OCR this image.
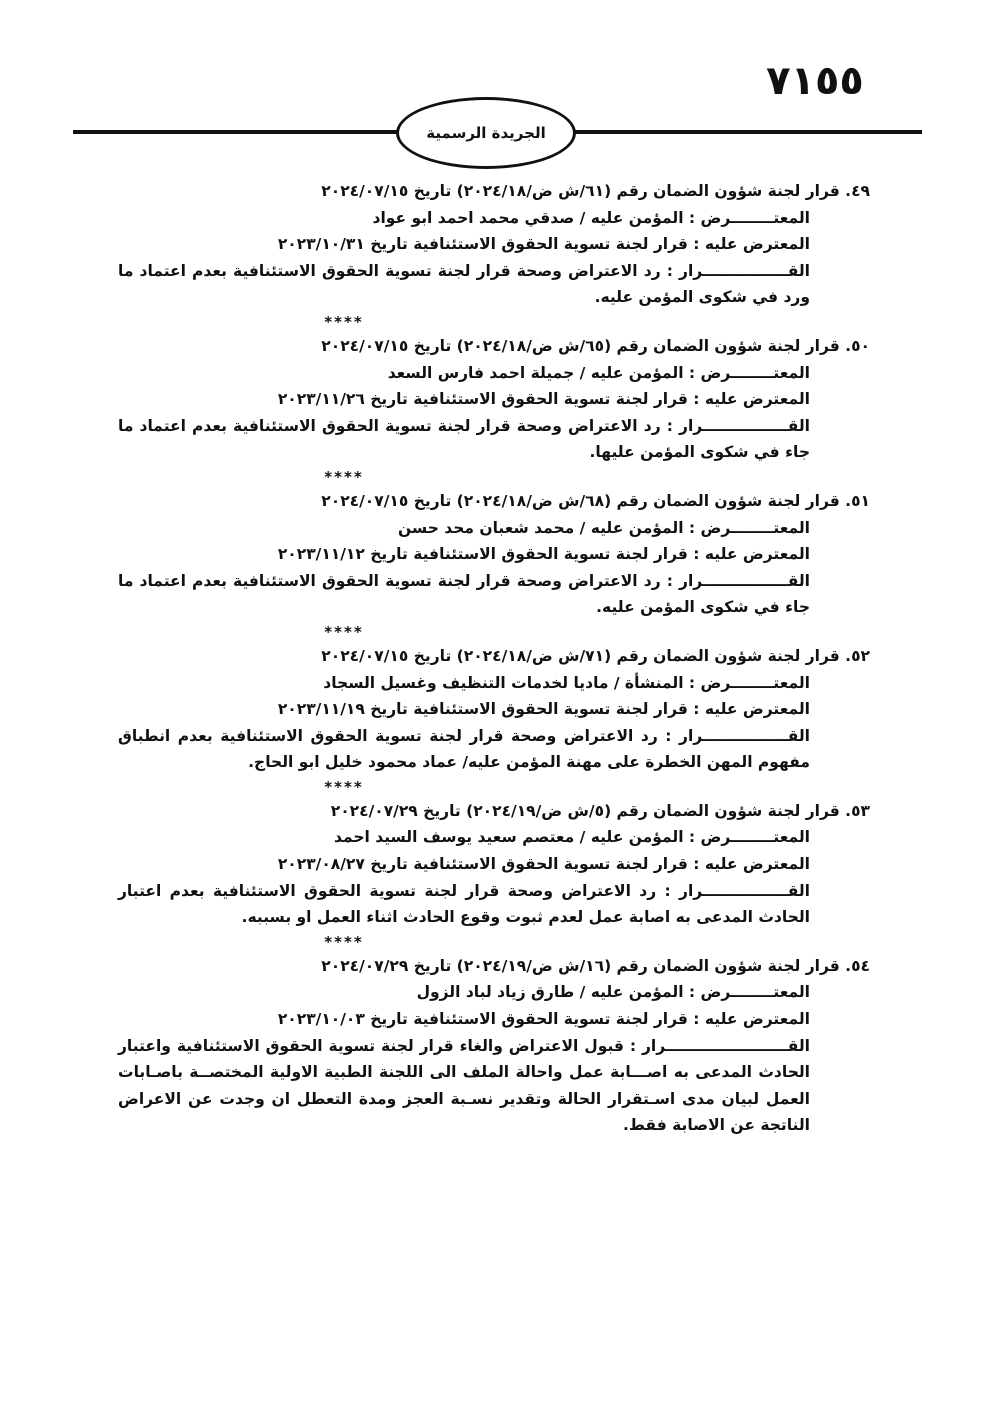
٧١٥٥
الجريدة الرسمية
٤٩. قرار لجنة شؤون الضمان رقم (٦١/ش ض/٢٠٢٤/١٨) تاريخ ٢٠٢٤/٠٧/١٥
المعتــــــــرض : المؤمن عليه / صدقي محمد احمد ابو عواد
المعترض عليه : قرار لجنة تسوية الحقوق الاستئنافية تاريخ ٢٠٢٣/١٠/٣١
القــــــــــــــــرار : رد الاعتراض وصحة قرار لجنة تسوية الحقوق الاستئنافية بعدم اعتماد ما ورد في شكوى المؤمن عليه.
****
٥٠. قرار لجنة شؤون الضمان رقم (٦٥/ش ض/٢٠٢٤/١٨) تاريخ ٢٠٢٤/٠٧/١٥
المعتــــــــرض : المؤمن عليه / جميلة احمد فارس السعد
المعترض عليه : قرار لجنة تسوية الحقوق الاستئنافية تاريخ ٢٠٢٣/١١/٢٦
القــــــــــــــــرار : رد الاعتراض وصحة قرار لجنة تسوية الحقوق الاستئنافية بعدم اعتماد ما جاء في شكوى المؤمن عليها.
****
٥١. قرار لجنة شؤون الضمان رقم (٦٨/ش ض/٢٠٢٤/١٨) تاريخ ٢٠٢٤/٠٧/١٥
المعتــــــــرض : المؤمن عليه / محمد شعبان محد حسن
المعترض عليه : قرار لجنة تسوية الحقوق الاستئنافية تاريخ ٢٠٢٣/١١/١٢
القــــــــــــــــرار : رد الاعتراض وصحة قرار لجنة تسوية الحقوق الاستئنافية بعدم اعتماد ما جاء في شكوى المؤمن عليه.
****
٥٢. قرار لجنة شؤون الضمان رقم (٧١/ش ض/٢٠٢٤/١٨) تاريخ ٢٠٢٤/٠٧/١٥
المعتــــــــرض : المنشأة / ماديا لخدمات التنظيف وغسيل السجاد
المعترض عليه : قرار لجنة تسوية الحقوق الاستئنافية تاريخ ٢٠٢٣/١١/١٩
القــــــــــــــــرار : رد الاعتراض وصحة قرار لجنة تسوية الحقوق الاستئنافية بعدم انطباق مفهوم المهن الخطرة على مهنة المؤمن عليه/ عماد محمود خليل ابو الحاج.
****
٥٣. قرار لجنة شؤون الضمان رقم (٥/ش ض/٢٠٢٤/١٩) تاريخ ٢٠٢٤/٠٧/٢٩
المعتــــــــرض : المؤمن عليه / معتصم سعيد يوسف السيد احمد
المعترض عليه : قرار لجنة تسوية الحقوق الاستئنافية تاريخ ٢٠٢٣/٠٨/٢٧
القــــــــــــــــرار : رد الاعتراض وصحة قرار لجنة تسوية الحقوق الاستئنافية بعدم اعتبار الحادث المدعى به اصابة عمل لعدم ثبوت وقوع الحادث اثناء العمل او بسببه.
****
٥٤. قرار لجنة شؤون الضمان رقم (١٦/ش ض/٢٠٢٤/١٩) تاريخ ٢٠٢٤/٠٧/٢٩
المعتــــــــرض : المؤمن عليه / طارق زياد لباد الزول
المعترض عليه : قرار لجنة تسوية الحقوق الاستئنافية تاريخ ٢٠٢٣/١٠/٠٣
القـــــــــــــــــــــــرار : قبول الاعتراض والغاء قرار لجنة تسوية الحقوق الاستئنافية واعتبار الحادث المدعى به اصـــابة عمل واحالة الملف الى اللجنة الطبية الاولية المختصــة باصـابات العمل لبيان مدى اسـتقرار الحالة وتقدير نسـبة العجز ومدة التعطل ان وجدت عن الاعراض الناتجة عن الاصابة فقط.
